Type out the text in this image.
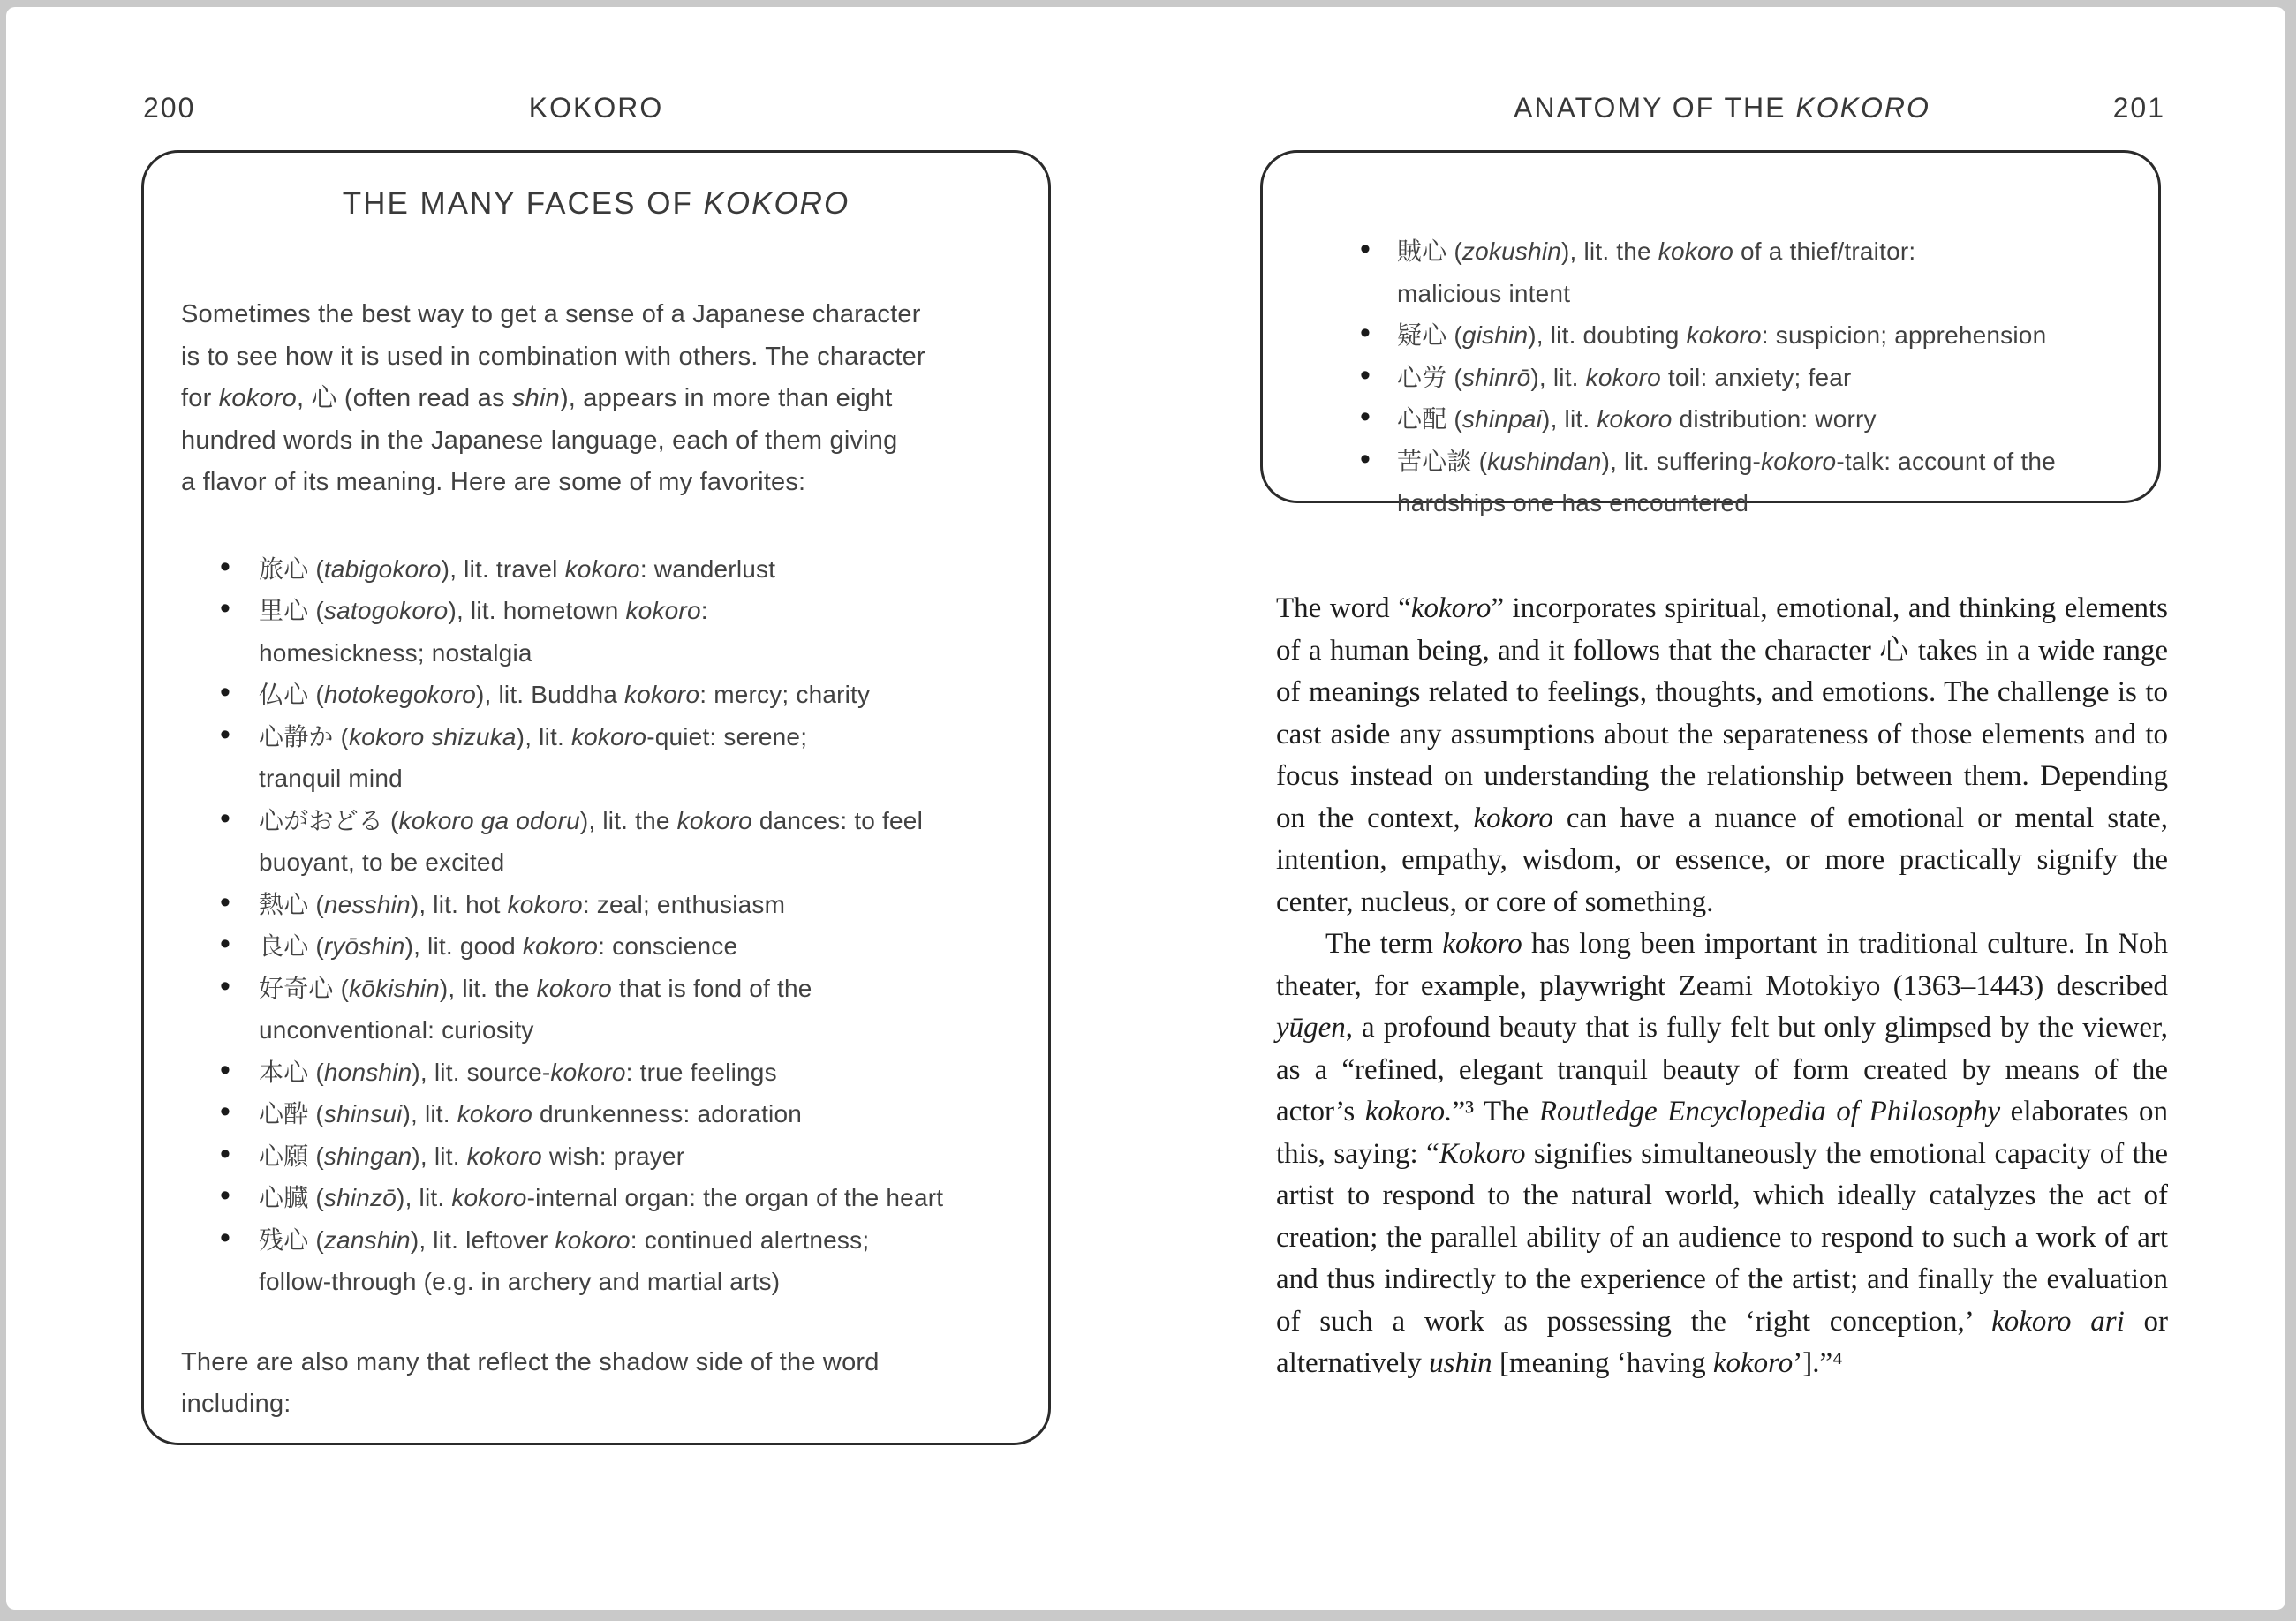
200	KOKORO	ANATOMY OF THE KOKORO	201
THE MANY FACES OF KOKORO

Sometimes the best way to get a sense of a Japanese character
is to see how it is used in combination with others. The character
for kokoro, 心 (often read as shin), appears in more than eight
hundred words in the Japanese language, each of them giving
a flavor of its meaning. Here are some of my favorites:

• 旅心 (tabigokoro), lit. travel kokoro: wanderlust
• 里心 (satogokoro), lit. hometown kokoro:
homesickness; nostalgia
• 仏心 (hotokegokoro), lit. Buddha kokoro: mercy; charity
• 心静か (kokoro shizuka), lit. kokoro-quiet: serene;
tranquil mind
• 心がおどる (kokoro ga odoru), lit. the kokoro dances: to feel
buoyant, to be excited
• 熱心 (nesshin), lit. hot kokoro: zeal; enthusiasm
• 良心 (ryōshin), lit. good kokoro: conscience
• 好奇心 (kōkishin), lit. the kokoro that is fond of the
unconventional: curiosity
• 本心 (honshin), lit. source-kokoro: true feelings
• 心酔 (shinsui), lit. kokoro drunkenness: adoration
• 心願 (shingan), lit. kokoro wish: prayer
• 心臓 (shinzō), lit. kokoro-internal organ: the organ of the heart
• 残心 (zanshin), lit. leftover kokoro: continued alertness;
follow-through (e.g. in archery and martial arts)

There are also many that reflect the shadow side of the word
including:

• 賊心 (zokushin), lit. the kokoro of a thief/traitor:
malicious intent
• 疑心 (gishin), lit. doubting kokoro: suspicion; apprehension
• 心労 (shinrō), lit. kokoro toil: anxiety; fear
• 心配 (shinpai), lit. kokoro distribution: worry
• 苦心談 (kushindan), lit. suffering-kokoro-talk: account of the
hardships one has encountered

The word “kokoro” incorporates spiritual, emotional, and thinking elements of a human being, and it follows that the character 心 takes in a wide range of meanings related to feelings, thoughts, and emotions. The challenge is to cast aside any assumptions about the separateness of those elements and to focus instead on understanding the relationship between them. Depending on the context, kokoro can have a nuance of emotional or mental state, intention, empathy, wisdom, or essence, or more practically signify the center, nucleus, or core of something.

The term kokoro has long been important in traditional culture. In Noh theater, for example, playwright Zeami Motokiyo (1363–1443) described yūgen, a profound beauty that is fully felt but only glimpsed by the viewer, as a “refined, elegant tranquil beauty of form created by means of the actor’s kokoro.”³ The Routledge Encyclopedia of Philosophy elaborates on this, saying: “Kokoro signifies simultaneously the emotional capacity of the artist to respond to the natural world, which ideally catalyzes the act of creation; the parallel ability of an audience to respond to such a work of art and thus indirectly to the experience of the artist; and finally the evaluation of such a work as possessing the ‘right conception,’ kokoro ari or alternatively ushin [meaning ‘having kokoro’].”⁴
